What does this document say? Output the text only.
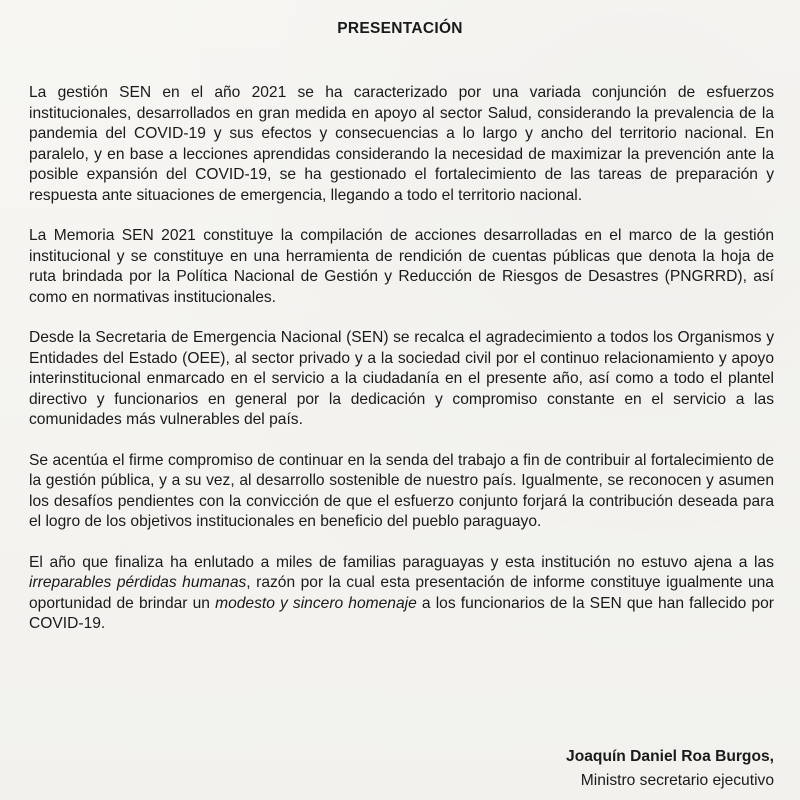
PRESENTACIÓN

La gestión SEN en el año 2021 se ha caracterizado por una variada conjunción de esfuerzos institucionales, desarrollados en gran medida en apoyo al sector Salud, considerando la prevalencia de la pandemia del COVID-19 y sus efectos y consecuencias a lo largo y ancho del territorio nacional. En paralelo, y en base a lecciones aprendidas considerando la necesidad de maximizar la prevención ante la posible expansión del COVID-19, se ha gestionado el fortalecimiento de las tareas de preparación y respuesta ante situaciones de emergencia, llegando a todo el territorio nacional.

La Memoria SEN 2021 constituye la compilación de acciones desarrolladas en el marco de la gestión institucional y se constituye en una herramienta de rendición de cuentas públicas que denota la hoja de ruta brindada por la Política Nacional de Gestión y Reducción de Riesgos de Desastres (PNGRRD), así como en normativas institucionales.

Desde la Secretaria de Emergencia Nacional (SEN) se recalca el agradecimiento a todos los Organismos y Entidades del Estado (OEE), al sector privado y a la sociedad civil por el continuo relacionamiento y apoyo interinstitucional enmarcado en el servicio a la ciudadanía en el presente año, así como a todo el plantel directivo y funcionarios en general por la dedicación y compromiso constante en el servicio a las comunidades más vulnerables del país.

Se acentúa el firme compromiso de continuar en la senda del trabajo a fin de contribuir al fortalecimiento de la gestión pública, y a su vez, al desarrollo sostenible de nuestro país. Igualmente, se reconocen y asumen los desafíos pendientes con la convicción de que el esfuerzo conjunto forjará la contribución deseada para el logro de los objetivos institucionales en beneficio del pueblo paraguayo.

El año que finaliza ha enlutado a miles de familias paraguayas y esta institución no estuvo ajena a las irreparables pérdidas humanas, razón por la cual esta presentación de informe constituye igualmente una oportunidad de brindar un modesto y sincero homenaje a los funcionarios de la SEN que han fallecido por COVID-19.

Joaquín Daniel Roa Burgos,
Ministro secretario ejecutivo
